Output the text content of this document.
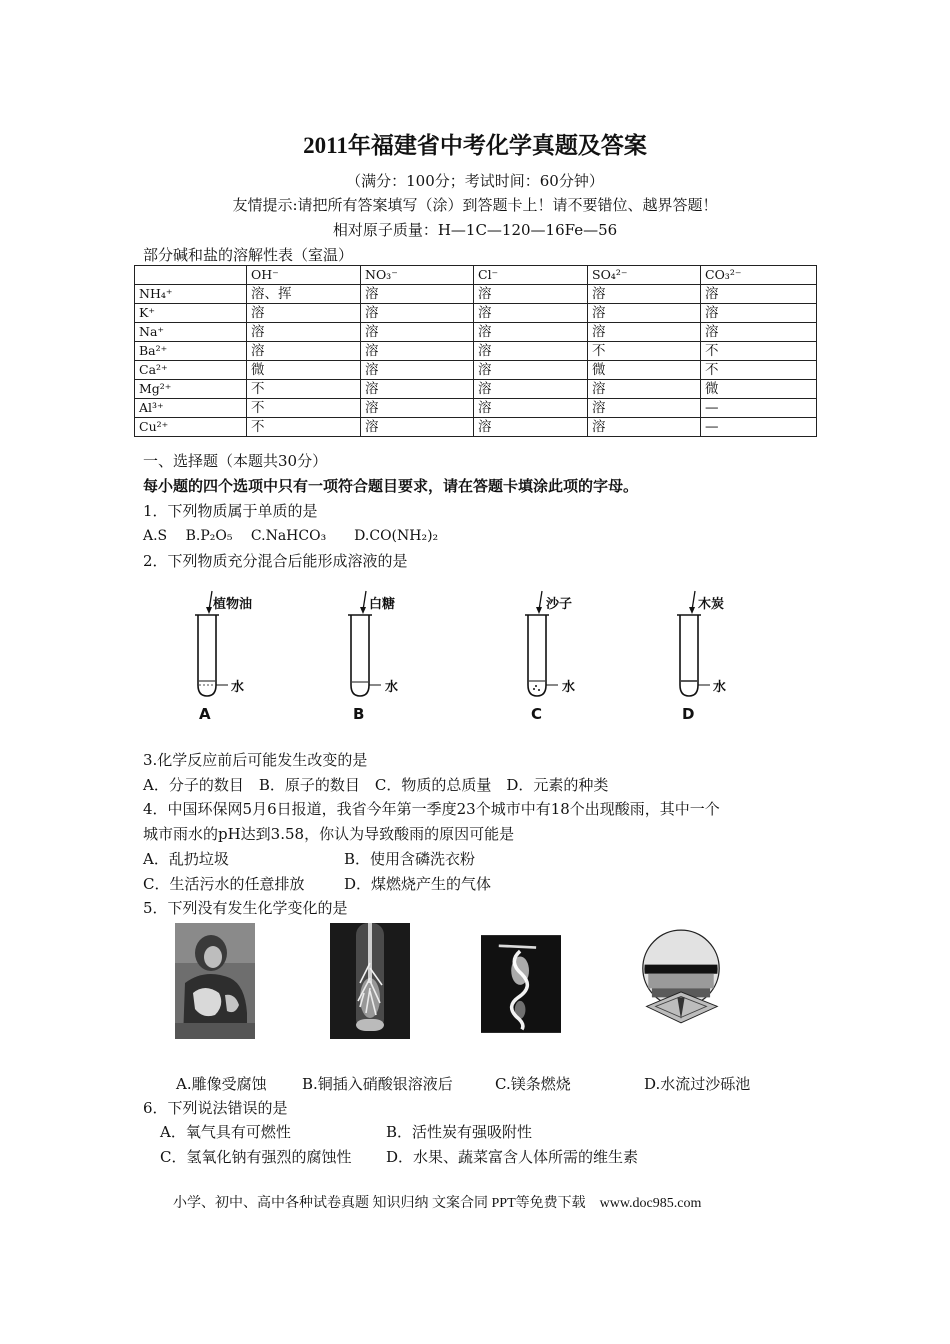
2011年福建省中考化学真题及答案
（满分：100分；考试时间：60分钟）
友情提示:请把所有答案填写（涂）到答题卡上！请不要错位、越界答题！
相对原子质量：H—1C—120—16Fe—56
部分碱和盐的溶解性表（室温）
	OH⁻	NO₃⁻	Cl⁻	SO₄²⁻	CO₃²⁻
NH₄⁺	溶、挥	溶	溶	溶	溶
K⁺	溶	溶	溶	溶	溶
Na⁺	溶	溶	溶	溶	溶
Ba²⁺	溶	溶	溶	不	不
Ca²⁺	微	溶	溶	微	不
Mg²⁺	不	溶	溶	溶	微
Al³⁺	不	溶	溶	溶	—
Cu²⁺	不	溶	溶	溶	—
一、选择题（本题共30分）
每小题的四个选项中只有一项符合题目要求，请在答题卡填涂此项的字母。
1．下列物质属于单质的是
A.S　 B.P₂O₅　 C.NaHCO₃　　D.CO(NH₂)₂
2．下列物质充分混合后能形成溶液的是
植物油	白糖	沙子	木炭
水	水	水	水
A	B	C	D
3.化学反应前后可能发生改变的是
A．分子的数目　B．原子的数目　C．物质的总质量　D．元素的种类
4．中国环保网5月6日报道，我省今年第一季度23个城市中有18个出现酸雨，其中一个
城市雨水的pH达到3.58，你认为导致酸雨的原因可能是
A．乱扔垃圾	B．使用含磷洗衣粉
C．生活污水的任意排放	D．煤燃烧产生的气体
5．下列没有发生化学变化的是
A.雕像受腐蚀 B.铜插入硝酸银溶液后	C.镁条燃烧	D.水流过沙砾池
6．下列说法错误的是
A．氧气具有可燃性	B．活性炭有强吸附性
C．氢氧化钠有强烈的腐蚀性 D．水果、蔬菜富含人体所需的维生素
小学、初中、高中各种试卷真题 知识归纳 文案合同 PPT等免费下载　www.doc985.com
